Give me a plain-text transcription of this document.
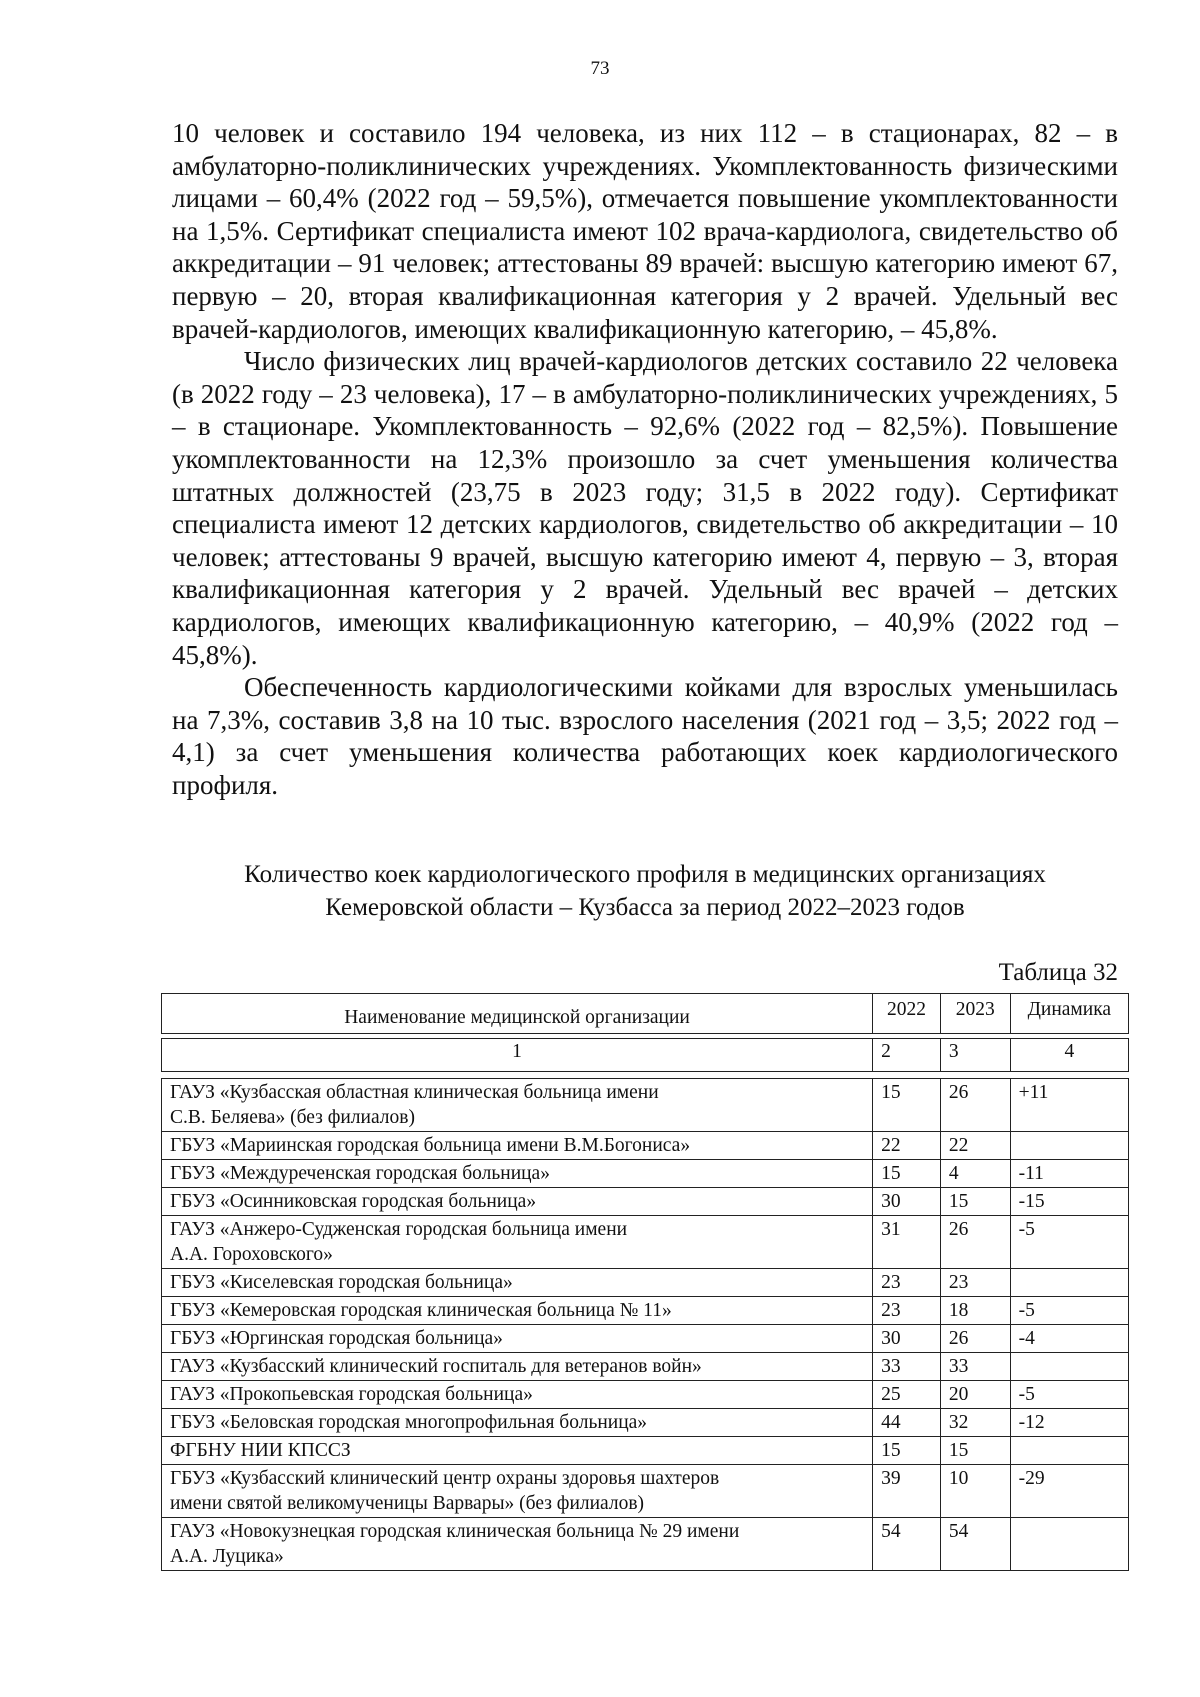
73

10 человек и составило 194 человека, из них 112 – в стационарах, 82 – в амбулаторно-поликлинических учреждениях. Укомплектованность физическими лицами – 60,4% (2022 год – 59,5%), отмечается повышение укомплектованности на 1,5%. Сертификат специалиста имеют 102 врача-кардиолога, свидетельство об аккредитации – 91 человек; аттестованы 89 врачей: высшую категорию имеют 67, первую – 20, вторая квалификационная категория у 2 врачей. Удельный вес врачей-кардиологов, имеющих квалификационную категорию, – 45,8%.

Число физических лиц врачей-кардиологов детских составило 22 человека (в 2022 году – 23 человека), 17 – в амбулаторно-поликлинических учреждениях, 5 – в стационаре. Укомплектованность – 92,6% (2022 год – 82,5%). Повышение укомплектованности на 12,3% произошло за счет уменьшения количества штатных должностей (23,75 в 2023 году; 31,5 в 2022 году). Сертификат специалиста имеют 12 детских кардиологов, свидетельство об аккредитации – 10 человек; аттестованы 9 врачей, высшую категорию имеют 4, первую – 3, вторая квалификационная категория у 2 врачей. Удельный вес врачей – детских кардиологов, имеющих квалификационную категорию, – 40,9% (2022 год – 45,8%).

Обеспеченность кардиологическими койками для взрослых уменьшилась на 7,3%, составив 3,8 на 10 тыс. взрослого населения (2021 год – 3,5; 2022 год – 4,1) за счет уменьшения количества работающих коек кардиологического профиля.

Количество коек кардиологического профиля в медицинских организациях
Кемеровской области – Кузбасса за период 2022–2023 годов
Таблица 32
Наименование медицинской организации	2022	2023	Динамика

1	2	3	4

ГАУЗ «Кузбасская областная клиническая больница имени
С.В. Беляева» (без филиалов)	15	26	+11

ГБУЗ «Мариинская городская больница имени В.М.Богониса»	22	22	

ГБУЗ «Междуреченская городская больница»	15	4	-11

ГБУЗ «Осинниковская городская больница»	30	15	-15

ГАУЗ «Анжеро-Судженская городская больница имени
А.А. Гороховского»	31	26	-5

ГБУЗ «Киселевская городская больница»	23	23	

ГБУЗ «Кемеровская городская клиническая больница № 11»	23	18	-5

ГБУЗ «Юргинская городская больница»	30	26	-4

ГАУЗ «Кузбасский клинический госпиталь для ветеранов войн»	33	33	

ГАУЗ «Прокопьевская городская больница»	25	20	-5

ГБУЗ «Беловская городская многопрофильная больница»	44	32	-12

ФГБНУ НИИ КПССЗ	15	15	

ГБУЗ «Кузбасский клинический центр охраны здоровья шахтеров
имени святой великомученицы Варвары» (без филиалов)	39	10	-29

ГАУЗ «Новокузнецкая городская клиническая больница № 29 имени
А.А. Луцика»	54	54	
